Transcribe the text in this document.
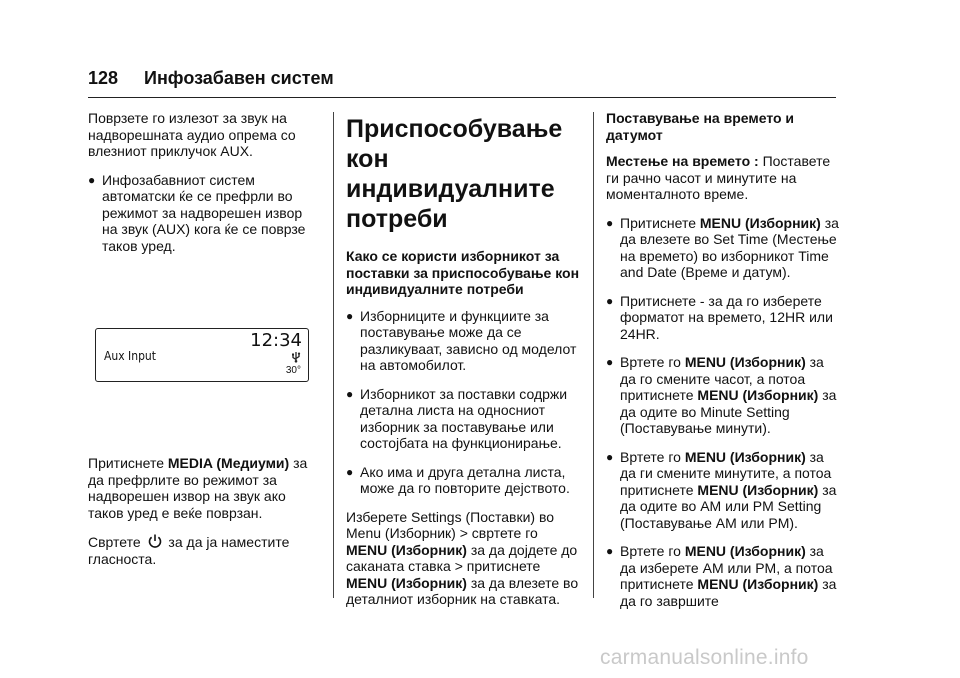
128 Инфозабавен систем

Поврзете го излезот за звук на надворешната аудио опрема со влезниот приклучок AUX.

● Инфозабавниот систем автоматски ќе се префрли во режимот за надворешен извор на звук (AUX) кога ќе се поврзе таков уред.
Aux Input
12:34
30°

Притиснете MEDIA (Медиуми) за да префрлите во режимот за надворешен извор на звук ако таков уред е веќе поврзан.

Свртете  за да ја наместите гласноста.

Приспособување кон индивидуалните потреби
Како се користи изборникот за поставки за приспособување кон индивидуалните потреби
● Изборниците и функциите за поставување може да се разликуваат, зависно од моделот на автомобилот.
● Изборникот за поставки содржи детална листа на односниот изборник за поставување или состојбата на функционирање.
● Ако има и друга детална листа, може да го повторите дејството.

Изберете Settings (Поставки) во Menu (Изборник) > свртете го MENU (Изборник) за да дојдете до саканата ставка > притиснете MENU (Изборник) за да влезете во деталниот изборник на ставката.

Поставување на времето и датумот

Местење на времето : Поставете ги рачно часот и минутите на моменталното време.

● Притиснете MENU (Изборник) за да влезете во Set Time (Местење на времето) во изборникот Time and Date (Време и датум).
● Притиснете - за да го изберете форматот на времето, 12HR или 24HR.
● Вртете го MENU (Изборник) за да го смените часот, а потоа притиснете MENU (Изборник) за да одите во Minute Setting (Поставување минути).
● Вртете го MENU (Изборник) за да ги смените минутите, а потоа притиснете MENU (Изборник) за да одите во AM или PM Setting (Поставување AM или PM).
● Вртете го MENU (Изборник) за да изберете AM или PM, а потоа притиснете MENU (Изборник) за да го завршите
carmanualsonline.info
